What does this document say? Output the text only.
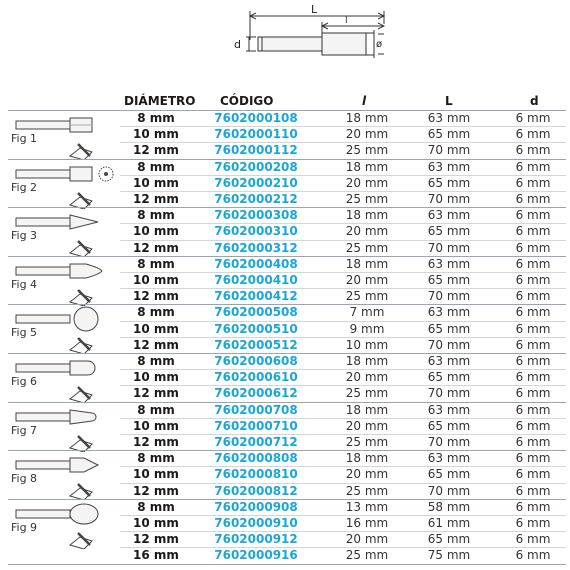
L
l
d	ø
DIÁMETRO CÓDIGO	l	L	d
Fig 1
8 mm	7602000108	18 mm	63 mm	6 mm
10 mm	7602000110	20 mm	65 mm	6 mm
12 mm	7602000112	25 mm	70 mm	6 mm
Fig 2
8 mm	7602000208	18 mm	63 mm	6 mm
10 mm	7602000210	20 mm	65 mm	6 mm
12 mm	7602000212	25 mm	70 mm	6 mm
Fig 3
8 mm	7602000308	18 mm	63 mm	6 mm
10 mm	7602000310	20 mm	65 mm	6 mm
12 mm	7602000312	25 mm	70 mm	6 mm
Fig 4
8 mm	7602000408	18 mm	63 mm	6 mm
10 mm	7602000410	20 mm	65 mm	6 mm
12 mm	7602000412	25 mm	70 mm	6 mm
Fig 5
8 mm	7602000508	7 mm	63 mm	6 mm
10 mm	7602000510	9 mm	65 mm	6 mm
12 mm	7602000512	10 mm	70 mm	6 mm
Fig 6
8 mm	7602000608	18 mm	63 mm	6 mm
10 mm	7602000610	20 mm	65 mm	6 mm
12 mm	7602000612	25 mm	70 mm	6 mm
Fig 7
8 mm	7602000708	18 mm	63 mm	6 mm
10 mm	7602000710	20 mm	65 mm	6 mm
12 mm	7602000712	25 mm	70 mm	6 mm
Fig 8
8 mm	7602000808	18 mm	63 mm	6 mm
10 mm	7602000810	20 mm	65 mm	6 mm
12 mm	7602000812	25 mm	70 mm	6 mm
Fig 9
8 mm	7602000908	13 mm	58 mm	6 mm
10 mm	7602000910	16 mm	61 mm	6 mm
12 mm	7602000912	20 mm	65 mm	6 mm
16 mm	7602000916	25 mm	75 mm	6 mm
